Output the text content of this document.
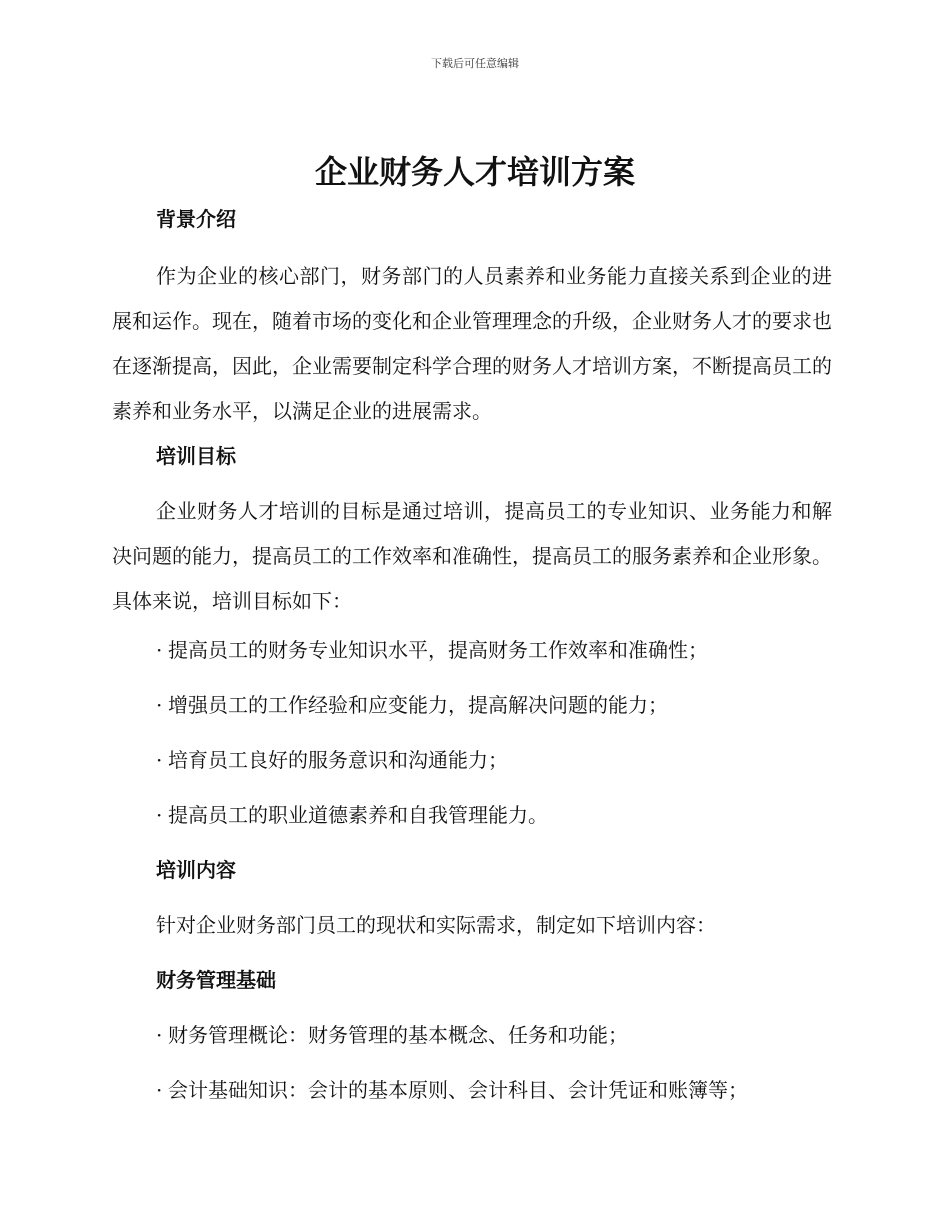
下载后可任意编辑
企业财务人才培训方案
背景介绍

作为企业的核心部门，财务部门的人员素养和业务能力直接关系到企业的进展和运作。现在，随着市场的变化和企业管理理念的升级，企业财务人才的要求也在逐渐提高，因此，企业需要制定科学合理的财务人才培训方案，不断提高员工的素养和业务水平，以满足企业的进展需求。

培训目标

企业财务人才培训的目标是通过培训，提高员工的专业知识、业务能力和解决问题的能力，提高员工的工作效率和准确性，提高员工的服务素养和企业形象。具体来说，培训目标如下：

· 提高员工的财务专业知识水平，提高财务工作效率和准确性；
· 增强员工的工作经验和应变能力，提高解决问题的能力；
· 培育员工良好的服务意识和沟通能力；
· 提高员工的职业道德素养和自我管理能力。
培训内容
针对企业财务部门员工的现状和实际需求，制定如下培训内容：
财务管理基础
· 财务管理概论：财务管理的基本概念、任务和功能；
· 会计基础知识：会计的基本原则、会计科目、会计凭证和账簿等；
